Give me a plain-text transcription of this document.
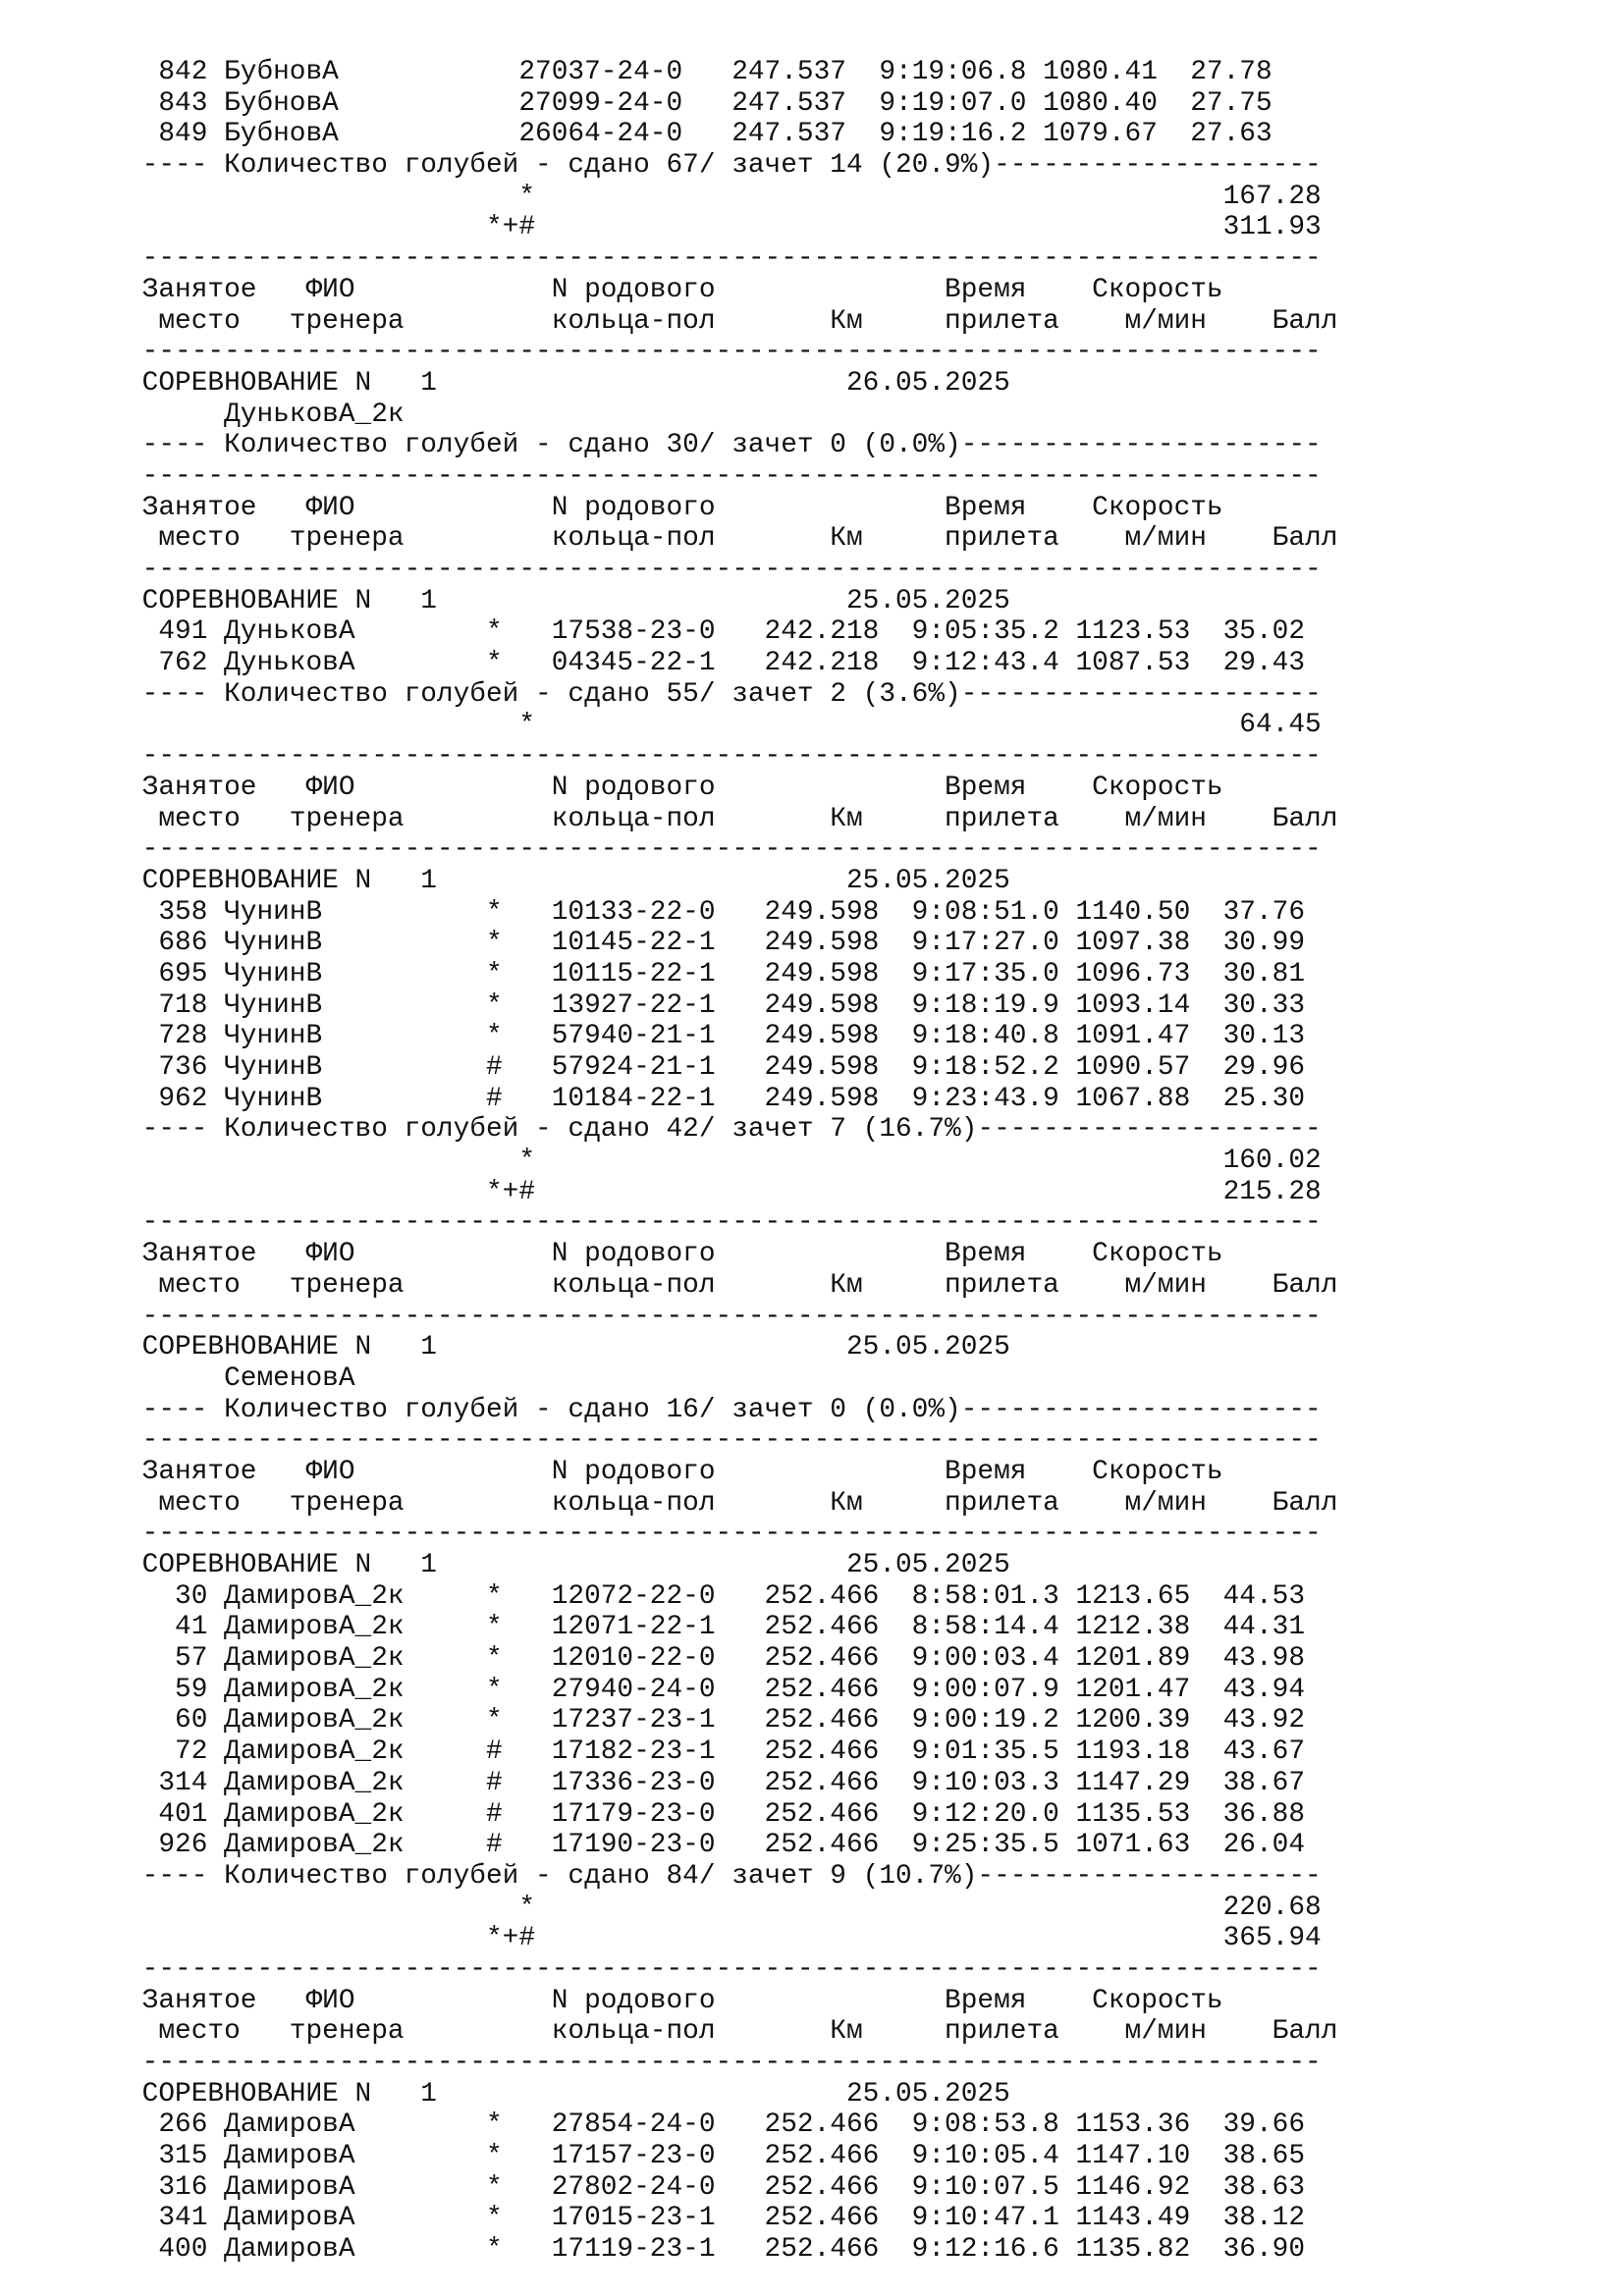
842 БубновА           27037-24-0   247.537  9:19:06.8 1080.41  27.78
843 БубновА           27099-24-0   247.537  9:19:07.0 1080.40  27.75
849 БубновА           26064-24-0   247.537  9:19:16.2 1079.67  27.63
---- Количество голубей - сдано 67/ зачет 14 (20.9%)--------------------
*                                          167.28
*+#                                          311.93
------------------------------------------------------------------------
Занятое   ФИО            N родового              Время    Скорость
место   тренера         кольца-пол       Км     прилета    м/мин    Балл
------------------------------------------------------------------------
СОРЕВНОВАНИЕ N   1                         26.05.2025
ДуньковА_2к
---- Количество голубей - сдано 30/ зачет 0 (0.0%)----------------------
------------------------------------------------------------------------
Занятое   ФИО            N родового              Время    Скорость
место   тренера         кольца-пол       Км     прилета    м/мин    Балл
------------------------------------------------------------------------
СОРЕВНОВАНИЕ N   1                         25.05.2025
491 ДуньковА        *   17538-23-0   242.218  9:05:35.2 1123.53  35.02
762 ДуньковА        *   04345-22-1   242.218  9:12:43.4 1087.53  29.43
---- Количество голубей - сдано 55/ зачет 2 (3.6%)----------------------
*                                           64.45
------------------------------------------------------------------------
Занятое   ФИО            N родового              Время    Скорость
место   тренера         кольца-пол       Км     прилета    м/мин    Балл
------------------------------------------------------------------------
СОРЕВНОВАНИЕ N   1                         25.05.2025
358 ЧунинВ          *   10133-22-0   249.598  9:08:51.0 1140.50  37.76
686 ЧунинВ          *   10145-22-1   249.598  9:17:27.0 1097.38  30.99
695 ЧунинВ          *   10115-22-1   249.598  9:17:35.0 1096.73  30.81
718 ЧунинВ          *   13927-22-1   249.598  9:18:19.9 1093.14  30.33
728 ЧунинВ          *   57940-21-1   249.598  9:18:40.8 1091.47  30.13
736 ЧунинВ          #   57924-21-1   249.598  9:18:52.2 1090.57  29.96
962 ЧунинВ          #   10184-22-1   249.598  9:23:43.9 1067.88  25.30
---- Количество голубей - сдано 42/ зачет 7 (16.7%)---------------------
*                                          160.02
*+#                                          215.28
------------------------------------------------------------------------
Занятое   ФИО            N родового              Время    Скорость
место   тренера         кольца-пол       Км     прилета    м/мин    Балл
------------------------------------------------------------------------
СОРЕВНОВАНИЕ N   1                         25.05.2025
СеменовА
---- Количество голубей - сдано 16/ зачет 0 (0.0%)----------------------
------------------------------------------------------------------------
Занятое   ФИО            N родового              Время    Скорость
место   тренера         кольца-пол       Км     прилета    м/мин    Балл
------------------------------------------------------------------------
СОРЕВНОВАНИЕ N   1                         25.05.2025
30 ДамировА_2к     *   12072-22-0   252.466  8:58:01.3 1213.65  44.53
41 ДамировА_2к     *   12071-22-1   252.466  8:58:14.4 1212.38  44.31
57 ДамировА_2к     *   12010-22-0   252.466  9:00:03.4 1201.89  43.98
59 ДамировА_2к     *   27940-24-0   252.466  9:00:07.9 1201.47  43.94
60 ДамировА_2к     *   17237-23-1   252.466  9:00:19.2 1200.39  43.92
72 ДамировА_2к     #   17182-23-1   252.466  9:01:35.5 1193.18  43.67
314 ДамировА_2к     #   17336-23-0   252.466  9:10:03.3 1147.29  38.67
401 ДамировА_2к     #   17179-23-0   252.466  9:12:20.0 1135.53  36.88
926 ДамировА_2к     #   17190-23-0   252.466  9:25:35.5 1071.63  26.04
---- Количество голубей - сдано 84/ зачет 9 (10.7%)---------------------
*                                          220.68
*+#                                          365.94
------------------------------------------------------------------------
Занятое   ФИО            N родового              Время    Скорость
место   тренера         кольца-пол       Км     прилета    м/мин    Балл
------------------------------------------------------------------------
СОРЕВНОВАНИЕ N   1                         25.05.2025
266 ДамировА        *   27854-24-0   252.466  9:08:53.8 1153.36  39.66
315 ДамировА        *   17157-23-0   252.466  9:10:05.4 1147.10  38.65
316 ДамировА        *   27802-24-0   252.466  9:10:07.5 1146.92  38.63
341 ДамировА        *   17015-23-1   252.466  9:10:47.1 1143.49  38.12
400 ДамировА        *   17119-23-1   252.466  9:12:16.6 1135.82  36.90
